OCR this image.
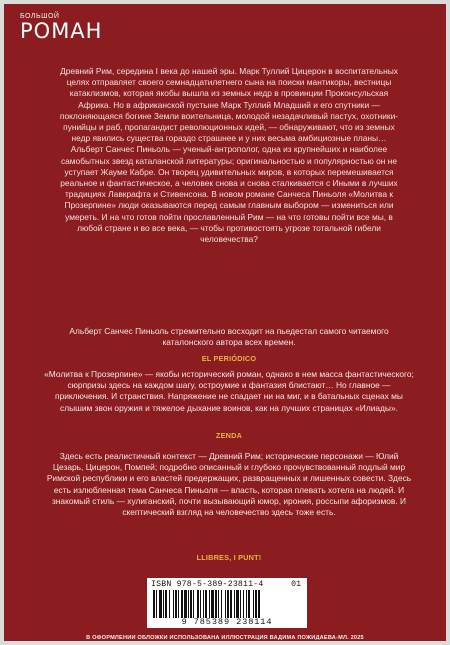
БОЛЬШОЙ
РОМАН

Древний Рим, середина I века до нашей эры. Марк Туллий Цицерон в воспитательных целях отправляет своего семнадцатилетнего сына на поиски мантикоры, вестницы катаклизмов, которая якобы вышла из земных недр в провинции Проконсульская Африка. Но в африканской пустыне Марк Туллий Младший и его спутники — поклоняющаяся богине Земли воительница, молодой незадачливый пастух, охотники-пунийцы и раб, пропагандист революционных идей, — обнаруживают, что из земных недр явились существа гораздо страшнее и у них весьма амбициозные планы…

Альберт Санчес Пиньоль — ученый-антрополог, одна из крупнейших и наиболее самобытных звезд каталанской литературы; оригинальностью и популярностью он не уступает Жауме Кабре. Он творец удивительных миров, в которых перемешивается реальное и фантастическое, а человек снова и снова сталкивается с Иными в лучших традициях Лавкрафта и Стивенсона. В новом романе Санчеса Пиньоля «Молитва к Прозерпине» люди оказываются перед самым главным выбором — измениться или умереть. И на что готов пойти прославленный Рим — на что готовы пойти все мы, в любой стране и во все века, — чтобы противостоять угрозе тотальной гибели человечества?

Альберт Санчес Пиньоль стремительно восходит на пьедестал самого читаемого каталонского автора всех времен.
EL PERIÓDICO
«Молитва к Прозерпине» — якобы исторический роман, однако в нем масса фантастического; сюрпризы здесь на каждом шагу, остроумие и фантазия блистают… Но главное — приключения. И странствия. Напряжение не спадает ни на миг, и в батальных сценах мы слышим звон оружия и тяжелое дыхание воинов, как на лучших страницах «Илиады».
ZENDA
Здесь есть реалистичный контекст — Древний Рим; исторические персонажи — Юлий Цезарь, Цицерон, Помпей; подробно описанный и глубоко прочувствованный подлый мир Римской республики и его властей предержащих, развращенных и лишенных совести. Здесь есть излюбленная тема Санчеса Пиньоля — власть, которая плевать хотела на людей. И знакомый стиль — хулиганский, почти вызывающий юмор, ирония, россыпи афоризмов. И скептический взгляд на человечество здесь тоже есть.
LLIBRES, I PUNT!
ISBN 978-5-389-23811-4	01
9 785389 238114
В ОФОРМЛЕНИИ ОБЛОЖКИ ИСПОЛЬЗОВАНА ИЛЛЮСТРАЦИЯ ВАДИМА ПОЖИДАЕВА-МЛ. 2025
